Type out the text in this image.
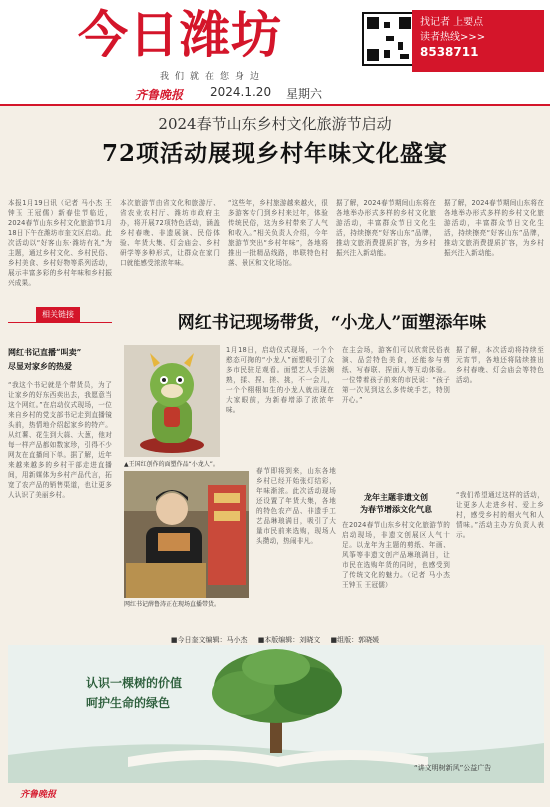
今日潍坊
我们就在您身边
齐鲁晚报 2024.1.20 星期六
找记者 上要点
读者热线>>>
8538711
2024春节山东乡村文化旅游节启动
72项活动展现乡村年味文化盛宴
本报1月19日讯（记者 马小杰 王钟玉 王冠儒）新春佳节临近，2024春节山东乡村文化旅游节1月18日下午在潍坊市奎文区启动。此次活动以“好客山东·潍坊有礼”为主题，通过乡村文化、乡村民俗、乡村美食、乡村好物等系列活动，展示丰富多彩的乡村年味和乡村振兴成果。
本次旅游节由省文化和旅游厅、省农业农村厅、潍坊市政府主办，将开展72项特色活动，涵盖乡村春晚、非遗展演、民俗体验、年货大集、灯会庙会、乡村研学等多种形式，让群众在家门口就能感受浓浓年味。
“这些年，乡村旅游越来越火，很多游客专门到乡村来过年，体验传统民俗，这为乡村带来了人气和收入。”相关负责人介绍，今年旅游节突出“乡村年味”，各地将推出一批精品线路，串联特色村落、景区和文化场馆。
据了解，2024春节期间山东将在各地举办形式多样的乡村文化旅游活动，丰富群众节日文化生活，持续擦亮“好客山东”品牌，推动文旅消费提质扩容，为乡村振兴注入新动能。
据了解，2024春节期间山东将在各地举办形式多样的乡村文化旅游活动，丰富群众节日文化生活，持续擦亮“好客山东”品牌，推动文旅消费提质扩容，为乡村振兴注入新动能。
相关链接
网红书记直播“叫卖”
尽显对家乡的热爱
“我这个书记就是个带货员，为了让家乡的好东西卖出去，我愿意当这个网红。”在启动仪式现场，一位来自乡村的党支部书记走到直播镜头前，热情地介绍起家乡的特产。从红薯、花生到大蒜、大葱，他对每一样产品都如数家珍，引得不少网友在直播间下单。据了解，近年来越来越多的乡村干部走进直播间，用新媒体为乡村产品代言，拓宽了农产品的销售渠道，也让更多人认识了美丽乡村。
网红书记现场带货，“小龙人”面塑添年味
▲王国红创作的面塑作品“小龙人”。
1月18日，启动仪式现场，一个个憨态可掬的“小龙人”面塑吸引了众多市民驻足观看。面塑艺人手法娴熟，揉、捏、搓、挑，不一会儿，一个个栩栩如生的小龙人就出现在大家眼前，为新春增添了浓浓年味。
网红书记薛鲁涛正在现场直播带货。
春节即将到来，山东各地乡村已经开始张灯结彩，年味渐浓。此次活动现场还设置了年货大集，各地的特色农产品、非遗手工艺品琳琅满目，吸引了大量市民前来选购，现场人头攒动，热闹非凡。
在主会场，游客们可以欣赏民俗表演、品尝特色美食，还能参与剪纸、写春联、捏面人等互动体验。一位带着孩子前来的市民说：“孩子第一次见到这么多传统手艺，特别开心。”
龙年主题非遗文创
为春节增添文化气息
在2024春节山东乡村文化旅游节的启动现场，非遗文创展区人气十足。以龙年为主题的剪纸、年画、风筝等非遗文创产品琳琅满目，让市民在选购年货的同时，也感受到了传统文化的魅力。（记者 马小杰 王钟玉 王冠儒）
据了解，本次活动将持续至元宵节，各地还将陆续推出乡村春晚、灯会庙会等特色活动。
“我们希望通过这样的活动，让更多人走进乡村、爱上乡村，感受乡村的烟火气和人情味。”活动主办方负责人表示。
■今日奎文编辑：马小杰 ■本版编辑：刘晓文 ■组版：郭晓媛
认识一棵树的价值
呵护生命的绿色
“讲文明树新风”公益广告
齐鲁晚报
